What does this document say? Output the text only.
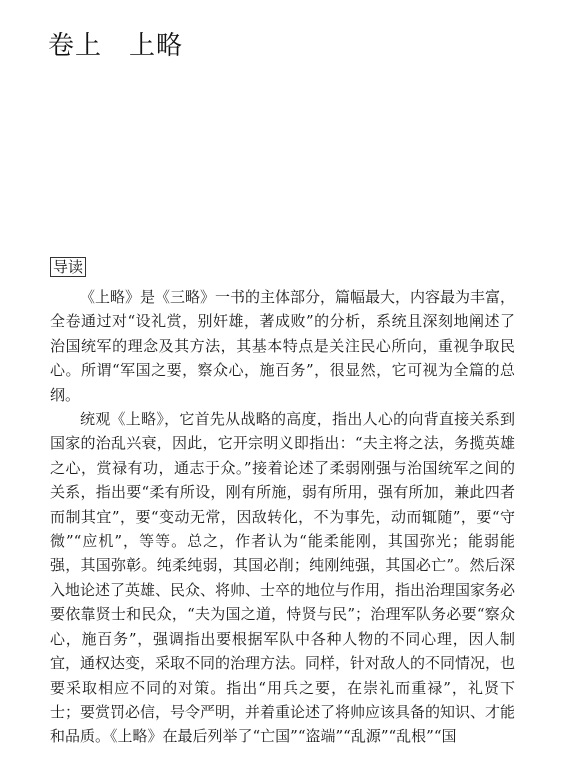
卷上　上略
导读

《上略》是《三略》一书的主体部分，篇幅最大，内容最为丰富，全卷通过对“设礼赏，别奸雄，著成败”的分析，系统且深刻地阐述了治国统军的理念及其方法，其基本特点是关注民心所向，重视争取民心。所谓“军国之要，察众心，施百务”，很显然，它可视为全篇的总纲。

统观《上略》，它首先从战略的高度，指出人心的向背直接关系到国家的治乱兴衰，因此，它开宗明义即指出：“夫主将之法，务揽英雄之心，赏禄有功，通志于众。”接着论述了柔弱刚强与治国统军之间的关系，指出要“柔有所设，刚有所施，弱有所用，强有所加，兼此四者而制其宜”，要“变动无常，因敌转化，不为事先，动而辄随”，要“守微”“应机”，等等。总之，作者认为“能柔能刚，其国弥光；能弱能强，其国弥彰。纯柔纯弱，其国必削；纯刚纯强，其国必亡”。然后深入地论述了英雄、民众、将帅、士卒的地位与作用，指出治理国家务必要依靠贤士和民众，“夫为国之道，恃贤与民”；治理军队务必要“察众心，施百务”，强调指出要根据军队中各种人物的不同心理，因人制宜，通权达变，采取不同的治理方法。同样，针对敌人的不同情况，也要采取相应不同的对策。指出“用兵之要，在崇礼而重禄”，礼贤下士；要赏罚必信，号令严明，并着重论述了将帅应该具备的知识、才能和品质。《上略》在最后列举了“亡国”“盗端”“乱源”“乱根”“国
